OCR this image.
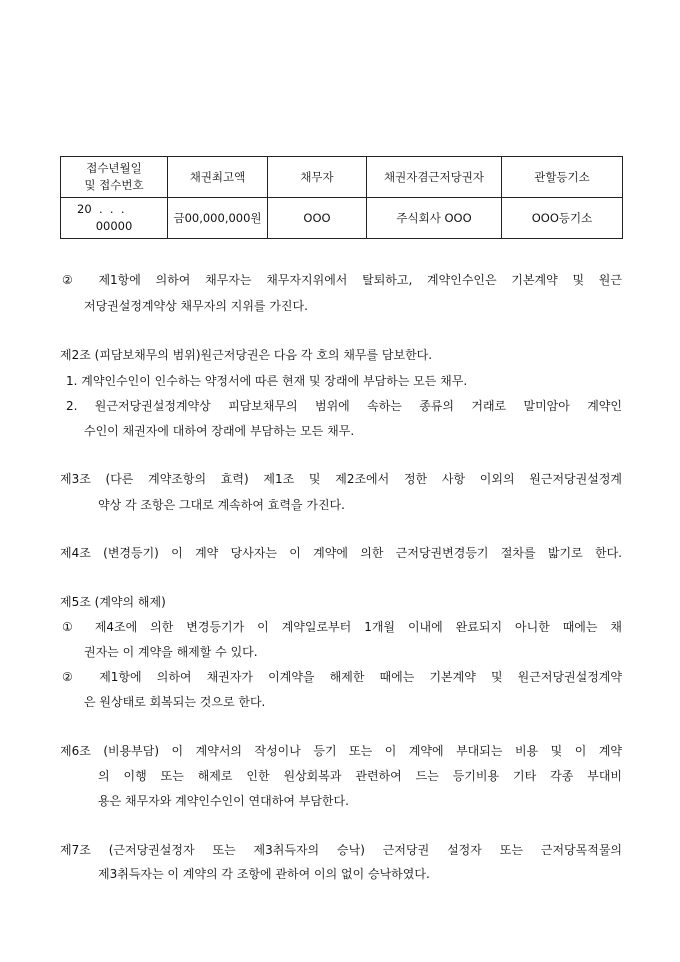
접수년월일
및 접수번호	채권최고액	채무자	채권자겸근저당권자	관할등기소

20  .  .  .
00000	금00,000,000원	OOO	주식회사 OOO	OOO등기소
② 제1항에 의하여 채무자는 채무자지위에서 탈퇴하고, 계약인수인은 기본계약 및 원근
저당권설정계약상 채무자의 지위를 가진다.
제2조 (피담보채무의 범위)원근저당권은 다음 각 호의 채무를 담보한다.
1. 계약인수인이 인수하는 약정서에 따른 현재 및 장래에 부담하는 모든 채무.
2. 원근저당권설정계약상 피담보채무의 범위에 속하는 종류의 거래로 말미암아 계약인
수인이 채권자에 대하여 장래에 부담하는 모든 채무.
제3조 (다른 계약조항의 효력) 제1조 및 제2조에서 정한 사항 이외의 원근저당권설정계
약상 각 조항은 그대로 계속하여 효력을 가진다.
제4조 (변경등기) 이 계약 당사자는 이 계약에 의한 근저당권변경등기 절차를 밟기로 한다.
제5조 (계약의 해제)
① 제4조에 의한 변경등기가 이 계약일로부터 1개월 이내에 완료되지 아니한 때에는 채
권자는 이 계약을 해제할 수 있다.
② 제1항에 의하여 채권자가 이계약을 해제한 때에는 기본계약 및 원근저당권설정계약
은 원상태로 회복되는 것으로 한다.
제6조 (비용부담) 이 계약서의 작성이나 등기 또는 이 계약에 부대되는 비용 및 이 계약
의 이행 또는 해제로 인한 원상회복과 관련하여 드는 등기비용 기타 각종 부대비
용은 채무자와 계약인수인이 연대하여 부담한다.
제7조 (근저당권설정자 또는 제3취득자의 승낙) 근저당권 설정자 또는 근저당목적물의
제3취득자는 이 계약의 각 조항에 관하여 이의 없이 승낙하였다.
